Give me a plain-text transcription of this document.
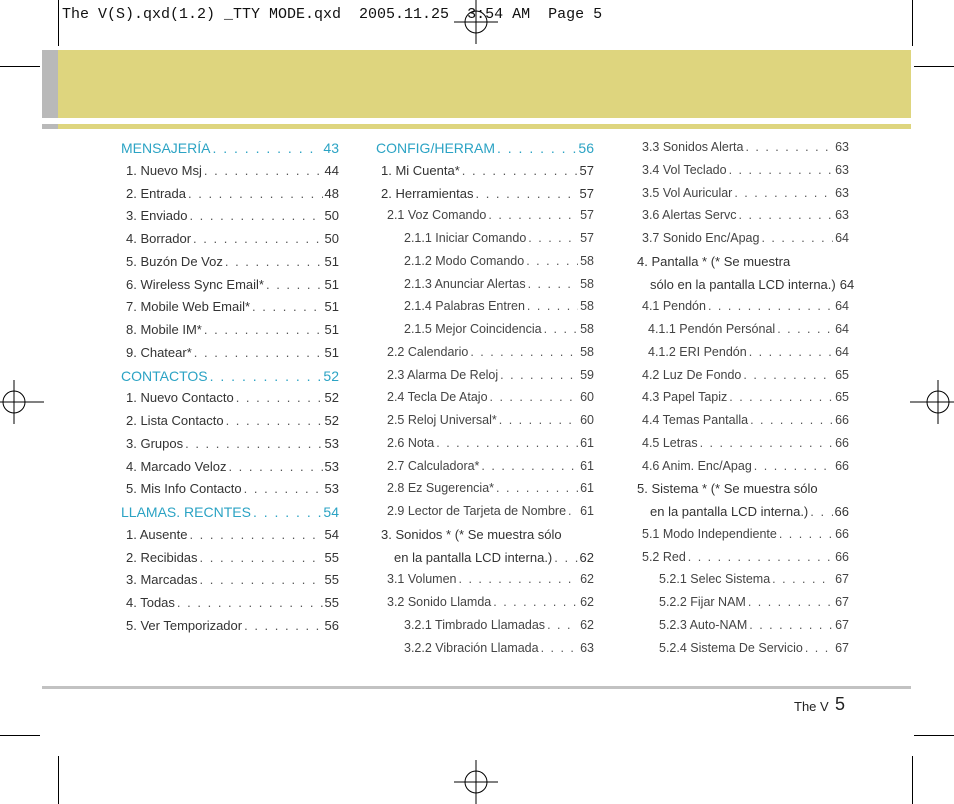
The V(S).qxd(1.2) _TTY MODE.qxd  2005.11.25  3:54 AM  Page 5
MENSAJERÍA . . .	43
1. Nuevo Msj . . .	44
2. Entrada . . .	48
3. Enviado . . .	50
4. Borrador . . .	50
5. Buzón De Voz . . .	51
6. Wireless Sync Email* . . .	51
7. Mobile Web Email* . . .	51
8. Mobile IM* . . .	51
9. Chatear* . . .	51
CONTACTOS . . .	52
1. Nuevo Contacto . . .	52
2. Lista Contacto . . .	52
3. Grupos . . .	53
4. Marcado Veloz . . .	53
5. Mis Info Contacto . . .	53
LLAMAS. RECNTES . . .	54
1. Ausente . . .	54
2. Recibidas . . .	55
3. Marcadas . . .	55
4. Todas . . .	55
5. Ver Temporizador . . .	56
CONFIG/HERRAM . . .	56
1. Mi Cuenta* . . .	57
2. Herramientas . . .	57
2.1 Voz Comando . . .	57
2.1.1 Iniciar Comando . . .	57
2.1.2 Modo Comando . . .	58
2.1.3 Anunciar Alertas . . .	58
2.1.4 Palabras Entren . . .	58
2.1.5 Mejor Coincidencia . . .	58
2.2 Calendario . . .	58
2.3 Alarma De Reloj . . .	59
2.4 Tecla De Atajo . . .	60
2.5 Reloj Universal* . . .	60
2.6 Nota . . .	61
2.7 Calculadora* . . .	61
2.8 Ez Sugerencia* . . .	61
2.9 Lector de Tarjeta de Nombre . . . 61
3. Sonidos * (* Se muestra sólo
en la pantalla LCD interna.) . . . 62
3.1 Volumen . . .	62
3.2 Sonido Llamda . . .	62
3.2.1 Timbrado Llamadas . . .	62
3.2.2 Vibración Llamada . . .	63
3.3 Sonidos Alerta . . .	63
3.4 Vol Teclado . . .	63
3.5 Vol Auricular . . .	63
3.6 Alertas Servc . . .	63
3.7 Sonido Enc/Apag . . .	64
4. Pantalla * (* Se muestra
sólo en la pantalla LCD interna.) 64
4.1 Pendón . . .	64
4.1.1 Pendón Persónal . . .	64
4.1.2 ERI Pendón . . .	64
4.2 Luz De Fondo . . .	65
4.3 Papel Tapiz . . .	65
4.4 Temas Pantalla . . .	66
4.5 Letras . . .	66
4.6 Anim. Enc/Apag . . .	66
5. Sistema * (* Se muestra sólo
en la pantalla LCD interna.) . . . 66
5.1 Modo Independiente . . .	66
5.2 Red . . .	66
5.2.1 Selec Sistema . . .	67
5.2.2 Fijar NAM . . .	67
5.2.3 Auto-NAM . . .	67
5.2.4 Sistema De Servicio . . .	67
The V 5
